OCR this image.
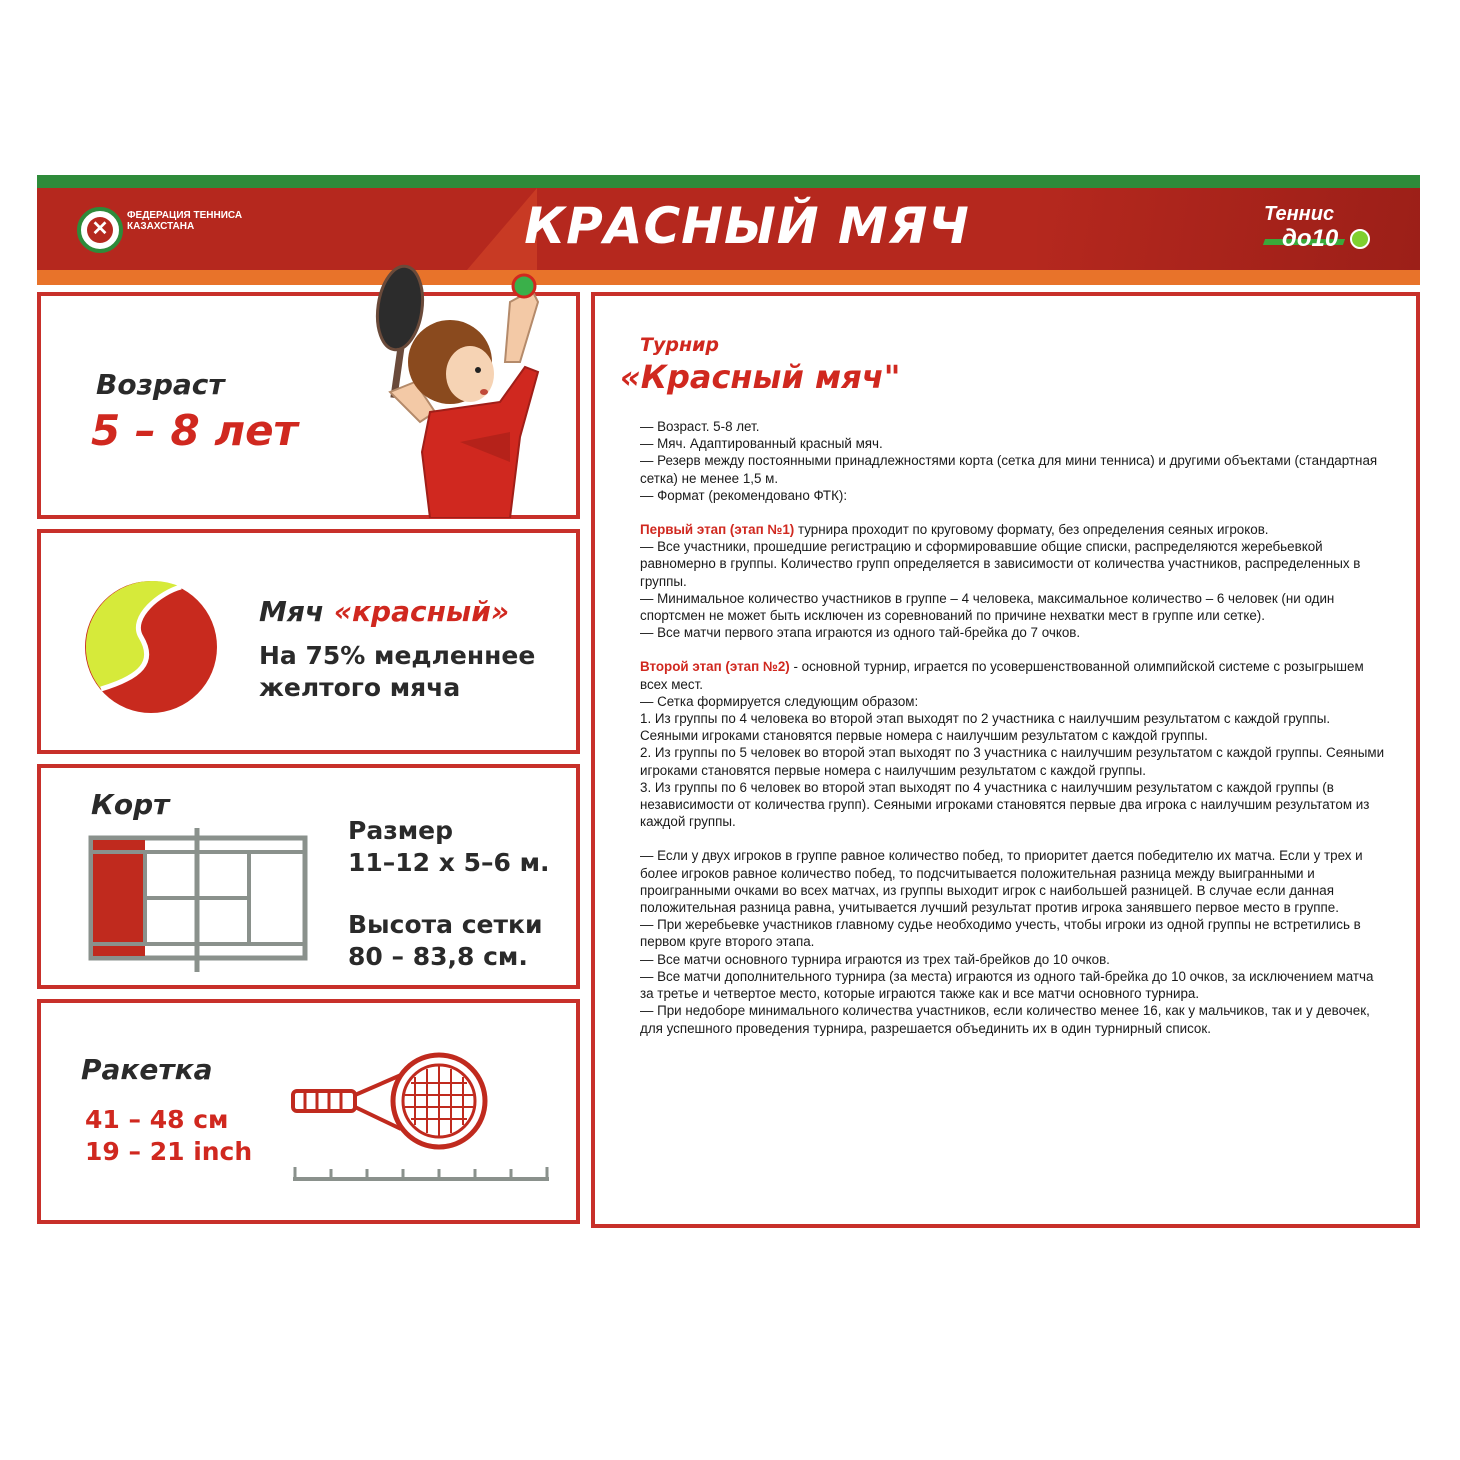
✕
ФЕДЕРАЦИЯ ТЕННИСА КАЗАХСТАНА	КРАСНЫЙ МЯЧ	Теннис
до10
Возраст
5 – 8 лет
Мяч «красный»
На 75% медленнее
желтого мяча
Корт
Размер
11–12 х 5–6 м.
Высота сетки
80 – 83,8 см.
Ракетка
41 – 48 см
19 – 21 inch
Турнир
«Красный мяч"

— Возраст. 5-8 лет.

— Мяч. Адаптированный красный мяч.

— Резерв между постоянными принадлежностями корта (сетка для мини тенниса) и другими объектами (стандартная сетка) не менее 1,5 м.

— Формат (рекомендовано ФТК):

Первый этап (этап №1) турнира проходит по круговому формату, без определения сеяных игроков.

— Все участники, прошедшие регистрацию и сформировавшие общие списки, распределяются жеребьевкой равномерно в группы. Количество групп определяется в зависимости от количества участников, распределенных в группы.

— Минимальное количество участников в группе – 4 человека, максимальное количество – 6 человек (ни один спортсмен не может быть исключен из соревнований по причине нехватки мест в группе или сетке).

— Все матчи первого этапа играются из одного тай-брейка до 7 очков.

Второй этап (этап №2) - основной турнир, играется по усовершенствованной олимпийской системе с розыгрышем всех мест.

— Сетка формируется следующим образом:

1. Из группы по 4 человека во второй этап выходят по 2 участника с наилучшим результатом с каждой группы. Сеяными игроками становятся первые номера с наилучшим результатом с каждой группы.

2. Из группы по 5 человек во второй этап выходят по 3 участника с наилучшим результатом с каждой группы. Сеяными игроками становятся первые номера с наилучшим результатом с каждой группы.

3. Из группы по 6 человек во второй этап выходят по 4 участника с наилучшим результатом с каждой группы (в независимости от количества групп). Сеяными игроками становятся первые два игрока с наилучшим результатом из каждой группы.

— Если у двух игроков в группе равное количество побед, то приоритет дается победителю их матча. Если у трех и более игроков равное количество побед, то подсчитывается положительная разница между выигранными и проигранными очками во всех матчах, из группы выходит игрок с наибольшей разницей. В случае если данная положительная разница равна, учитывается лучший результат против игрока занявшего первое место в группе.

— При жеребьевке участников главному судье необходимо учесть, чтобы игроки из одной группы не встретились в первом круге второго этапа.

— Все матчи основного турнира играются из трех тай-брейков до 10 очков.

— Все матчи дополнительного турнира (за места) играются из одного тай-брейка до 10 очков, за исключением матча за третье и четвертое место, которые играются также как и все матчи основного турнира.

— При недоборе минимального количества участников, если количество менее 16, как у мальчиков, так и у девочек, для успешного проведения турнира, разрешается объединить их в один турнирный список.
